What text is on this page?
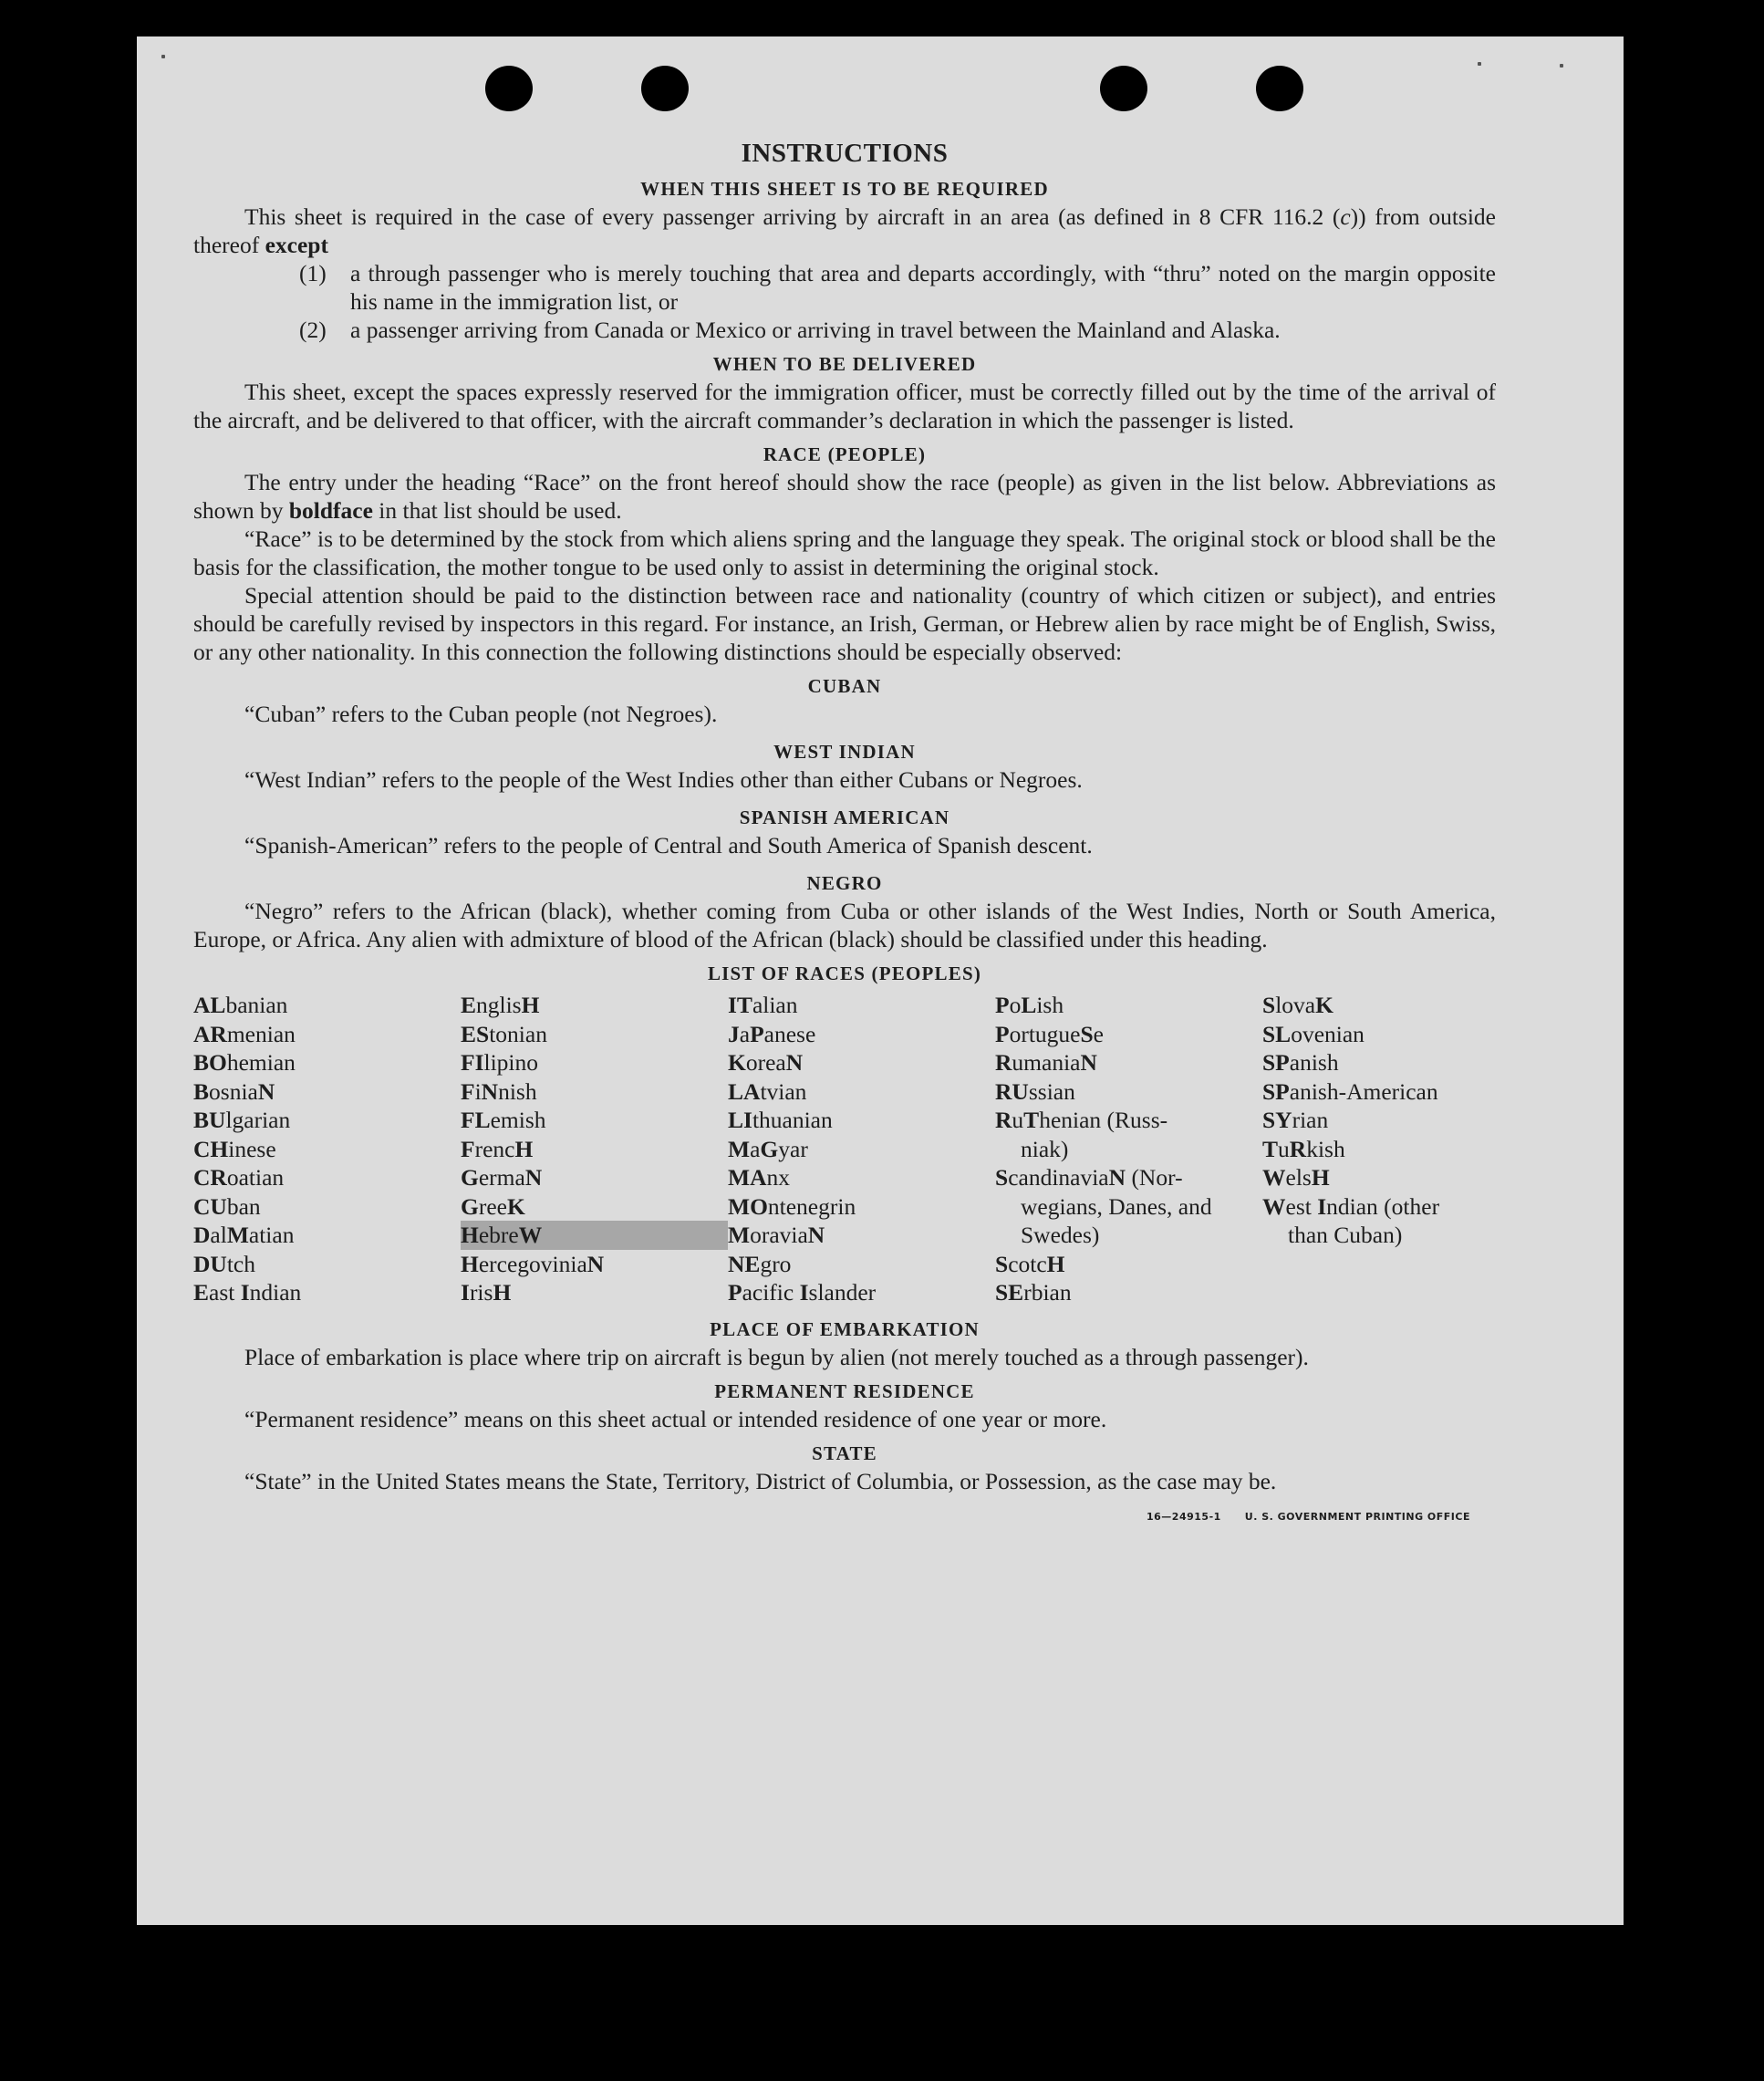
INSTRUCTIONS
WHEN THIS SHEET IS TO BE REQUIRED

This sheet is required in the case of every passenger arriving by aircraft in an area (as defined in 8 CFR 116.2 (c)) from outside thereof except

(1)	a through passenger who is merely touching that area and departs accordingly, with “thru” noted on the margin opposite his name in the immigration list, or
(2)	a passenger arriving from Canada or Mexico or arriving in travel between the Mainland and Alaska.
WHEN TO BE DELIVERED

This sheet, except the spaces expressly reserved for the immigration officer, must be correctly filled out by the time of the arrival of the aircraft, and be delivered to that officer, with the aircraft commander’s declaration in which the passenger is listed.

RACE (PEOPLE)

The entry under the heading “Race” on the front hereof should show the race (people) as given in the list below. Abbreviations as shown by boldface in that list should be used.

“Race” is to be determined by the stock from which aliens spring and the language they speak. The original stock or blood shall be the basis for the classification, the mother tongue to be used only to assist in determining the original stock.

Special attention should be paid to the distinction between race and nationality (country of which citizen or subject), and entries should be carefully revised by inspectors in this regard. For instance, an Irish, German, or Hebrew alien by race might be of English, Swiss, or any other nationality. In this connection the following distinctions should be especially observed:

CUBAN

“Cuban” refers to the Cuban people (not Negroes).

WEST INDIAN

“West Indian” refers to the people of the West Indies other than either Cubans or Negroes.

SPANISH AMERICAN

“Spanish-American” refers to the people of Central and South America of Spanish descent.

NEGRO

“Negro” refers to the African (black), whether coming from Cuba or other islands of the West Indies, North or South America, Europe, or Africa. Any alien with admixture of blood of the African (black) should be classified under this heading.

LIST OF RACES (PEOPLES)
ALbanian
ARmenian
BOhemian
BosniaN
BUlgarian
CHinese
CRoatian
CUban
DalMatian
DUtch
East Indian
EnglisH
EStonian
FIlipino
FiNnish
FLemish
FrencH
GermaN
GreeK
HebreW
HercegoviniaN
IrisH
ITalian
JaPanese
KoreaN
LAtvian
LIthuanian
MaGyar
MAnx
MOntenegrin
MoraviaN
NEgro
Pacific Islander
PoLish
PortugueSe
RumaniaN
RUssian
RuThenian (Russ-
niak)
ScandinaviaN (Nor-
wegians, Danes, and Swedes)
ScotcH
SErbian
SlovaK
SLovenian
SPanish
SPanish-American
SYrian
TuRkish
WelsH
West Indian (other
than Cuban)
PLACE OF EMBARKATION

Place of embarkation is place where trip on aircraft is begun by alien (not merely touched as a through passenger).

PERMANENT RESIDENCE

“Permanent residence” means on this sheet actual or intended residence of one year or more.

STATE

“State” in the United States means the State, Territory, District of Columbia, or Possession, as the case may be.

16—24915-1 U. S. GOVERNMENT PRINTING OFFICE
